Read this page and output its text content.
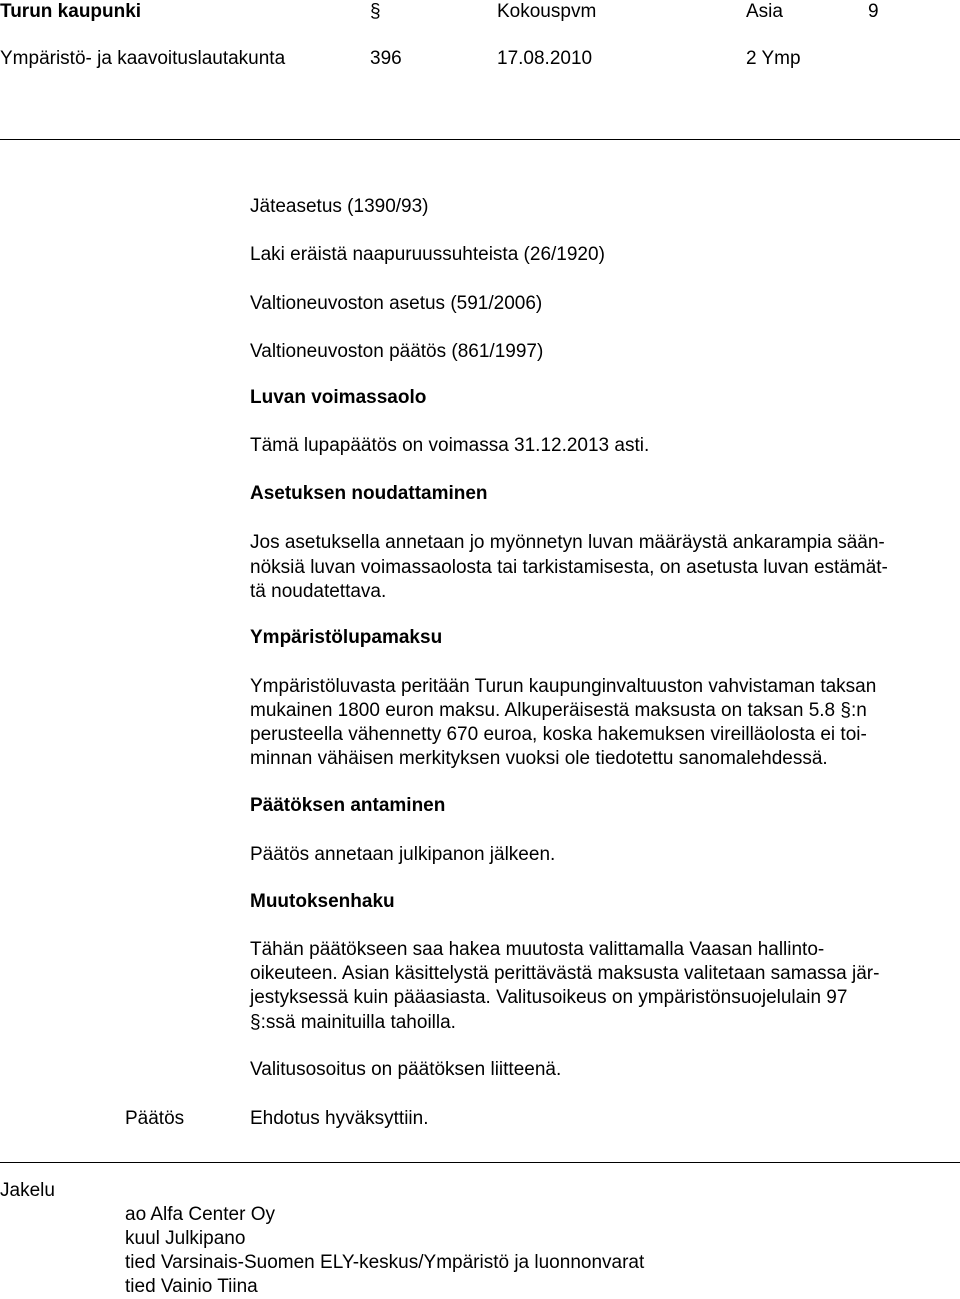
Turun kaupunki	§	Kokouspvm	Asia	9
Ympäristö- ja kaavoituslautakunta	396	17.08.2010	2 Ymp
Jäteasetus (1390/93)
Laki eräistä naapuruussuhteista (26/1920)
Valtioneuvoston asetus (591/2006)
Valtioneuvoston päätös (861/1997)
Luvan voimassaolo
Tämä lupapäätös on voimassa 31.12.2013 asti.
Asetuksen noudattaminen
Jos asetuksella annetaan jo myönnetyn luvan määräystä ankarampia sään-
nöksiä luvan voimassaolosta tai tarkistamisesta, on asetusta luvan estämät-
tä noudatettava.
Ympäristölupamaksu
Ympäristöluvasta peritään Turun kaupunginvaltuuston vahvistaman taksan
mukainen 1800 euron maksu. Alkuperäisestä maksusta on taksan 5.8 §:n
perusteella vähennetty 670 euroa, koska hakemuksen vireilläolosta ei toi-
minnan vähäisen merkityksen vuoksi ole tiedotettu sanomalehdessä.
Päätöksen antaminen
Päätös annetaan julkipanon jälkeen.
Muutoksenhaku
Tähän päätökseen saa hakea muutosta valittamalla Vaasan hallinto-
oikeuteen. Asian käsittelystä perittävästä maksusta valitetaan samassa jär-
jestyksessä kuin pääasiasta. Valitusoikeus on ympäristönsuojelulain 97
§:ssä mainituilla tahoilla.
Valitusosoitus on päätöksen liitteenä.
Päätös	Ehdotus hyväksyttiin.
Jakelu
ao Alfa Center Oy
kuul Julkipano
tied Varsinais-Suomen ELY-keskus/Ympäristö ja luonnonvarat
tied Vainio Tiina
